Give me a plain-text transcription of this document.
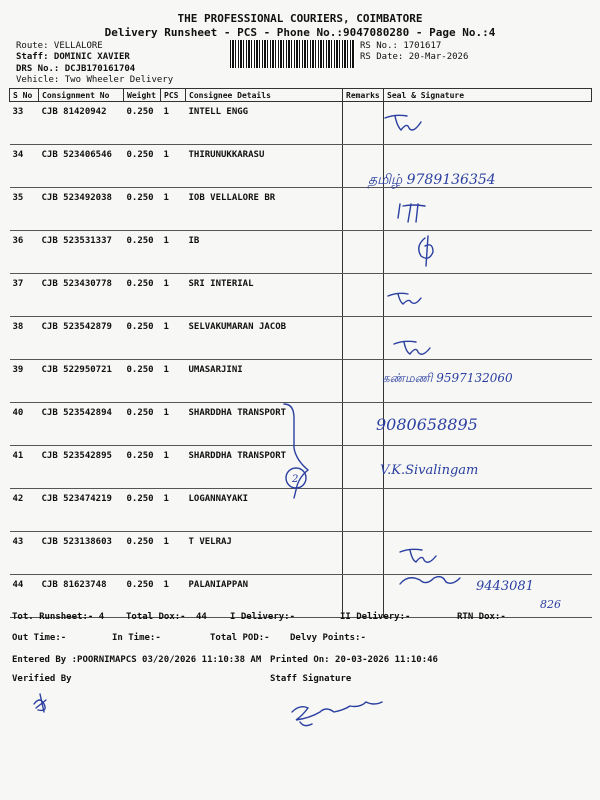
THE PROFESSIONAL COURIERS, COIMBATORE
Delivery Runsheet - PCS - Phone No.:9047080280 - Page No.:4
Route: VELLALORE
Staff: DOMINIC XAVIER
DRS No.: DCJB170161704
Vehicle: Two Wheeler Delivery
RS No.: 1701617
RS Date: 20-Mar-2026
S No	Consignment No	Weight	PCS	Consignee Details	Remarks	Seal & Signature
33	CJB 81420942	0.250	1	INTELL ENGG		
34	CJB 523406546	0.250	1	THIRUNUKKARASU		
35	CJB 523492038	0.250	1	IOB VELLALORE BR		
36	CJB 523531337	0.250	1	IB		
37	CJB 523430778	0.250	1	SRI INTERIAL		
38	CJB 523542879	0.250	1	SELVAKUMARAN JACOB		
39	CJB 522950721	0.250	1	UMASARJINI		
40	CJB 523542894	0.250	1	SHARDDHA TRANSPORT		
41	CJB 523542895	0.250	1	SHARDDHA TRANSPORT		
42	CJB 523474219	0.250	1	LOGANNAYAKI		
43	CJB 523138603	0.250	1	T VELRAJ		
44	CJB 81623748	0.250	1	PALANIAPPAN		
Tot. Runsheet:- 4 Total Dox:- 44	I Delivery:-	II Delivery:-	RTN Dox:-
Out Time:-	In Time:-	Total POD:- Delvy Points:-
Entered By :POORNIMAPCS 03/20/2026 11:10:38 AM Printed On: 20-03-2026 11:10:46
Verified By	Staff Signature
தமிழ் 9789136354
கண்மணி 9597132060
9080658895
2
V.K.Sivalingam
9443081
826
